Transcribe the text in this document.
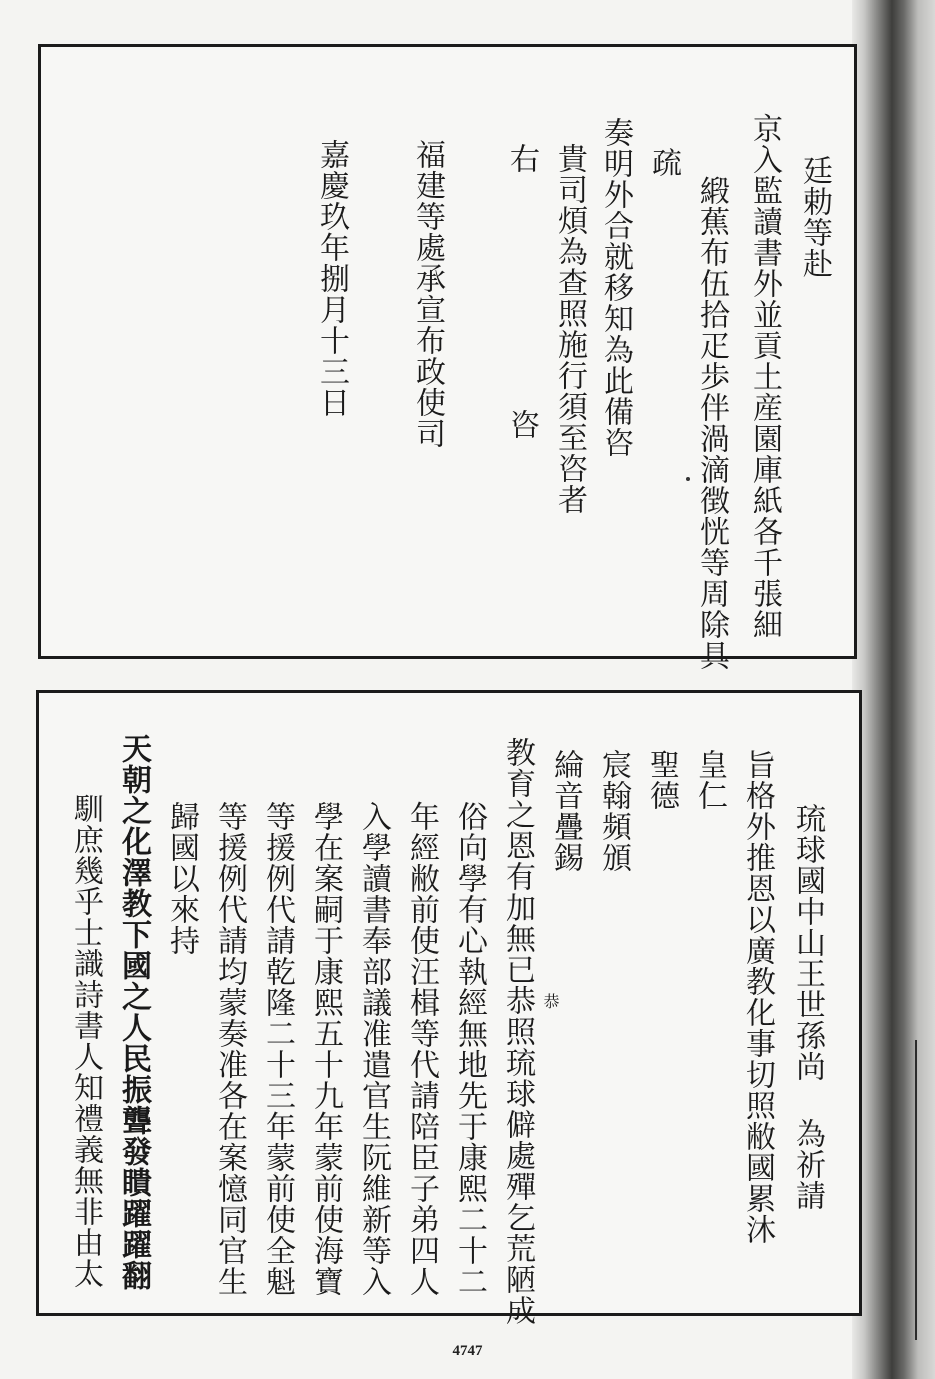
廷勅等赴
京入監讀書外並貢土産園庫紙各千張細
緞蕉布伍拾疋歩伴渦滴徴恍等周除具
疏
奏明外合就移知為此備咨
貴司煩為查照施行須至咨者
右
咨
福建等處承宣布政使司
嘉慶玖年捌月十三日
琉球國中山王世孫尚 為祈請
旨格外推恩以廣教化事切照敝國累沐
皇仁
聖德
宸翰頻頒
綸音疊錫
教育之恩有加無已恭照琉球僻處殫乞荒陋成 恭
俗向學有心執經無地先于康熙二十二
年經敝前使汪楫等代請陪臣子弟四人
入學讀書奉部議准遣官生阮維新等入
學在案嗣于康熙五十九年蒙前使海寶
等援例代請乾隆二十三年蒙前使全魁
等援例代請均蒙奏准各在案憶同官生
歸國以來持
天朝之化澤教下國之人民振聾發瞶躍躍翻
馴庶幾乎士識詩書人知禮義無非由太
4747
